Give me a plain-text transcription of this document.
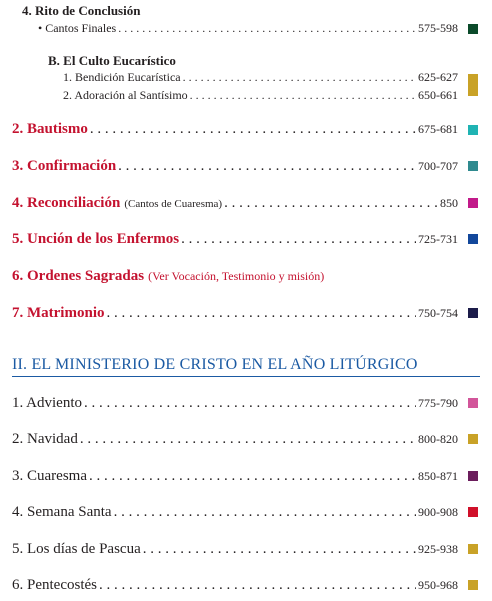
4. Rito de Conclusión
• Cantos Finales . . .	575-598
B. El Culto Eucarístico
1. Bendición Eucarística . . .	625-627
2. Adoración al Santísimo . . .	650-661
2. Bautismo . . .	675-681
3. Confirmación . . .	700-707
4. Reconciliación (Cantos de Cuaresma) . . .	850
5. Unción de los Enfermos . . .	725-731
6. Ordenes Sagradas (Ver Vocación, Testimonio y misión)
7. Matrimonio . . .	750-754
II. EL MINISTERIO DE CRISTO EN EL AÑO LITÚRGICO
1. Adviento . . .	775-790
2. Navidad . . .	800-820
3. Cuaresma . . .	850-871
4. Semana Santa . . .	900-908
5. Los días de Pascua . . .	925-938
6. Pentecostés . . .	950-968
